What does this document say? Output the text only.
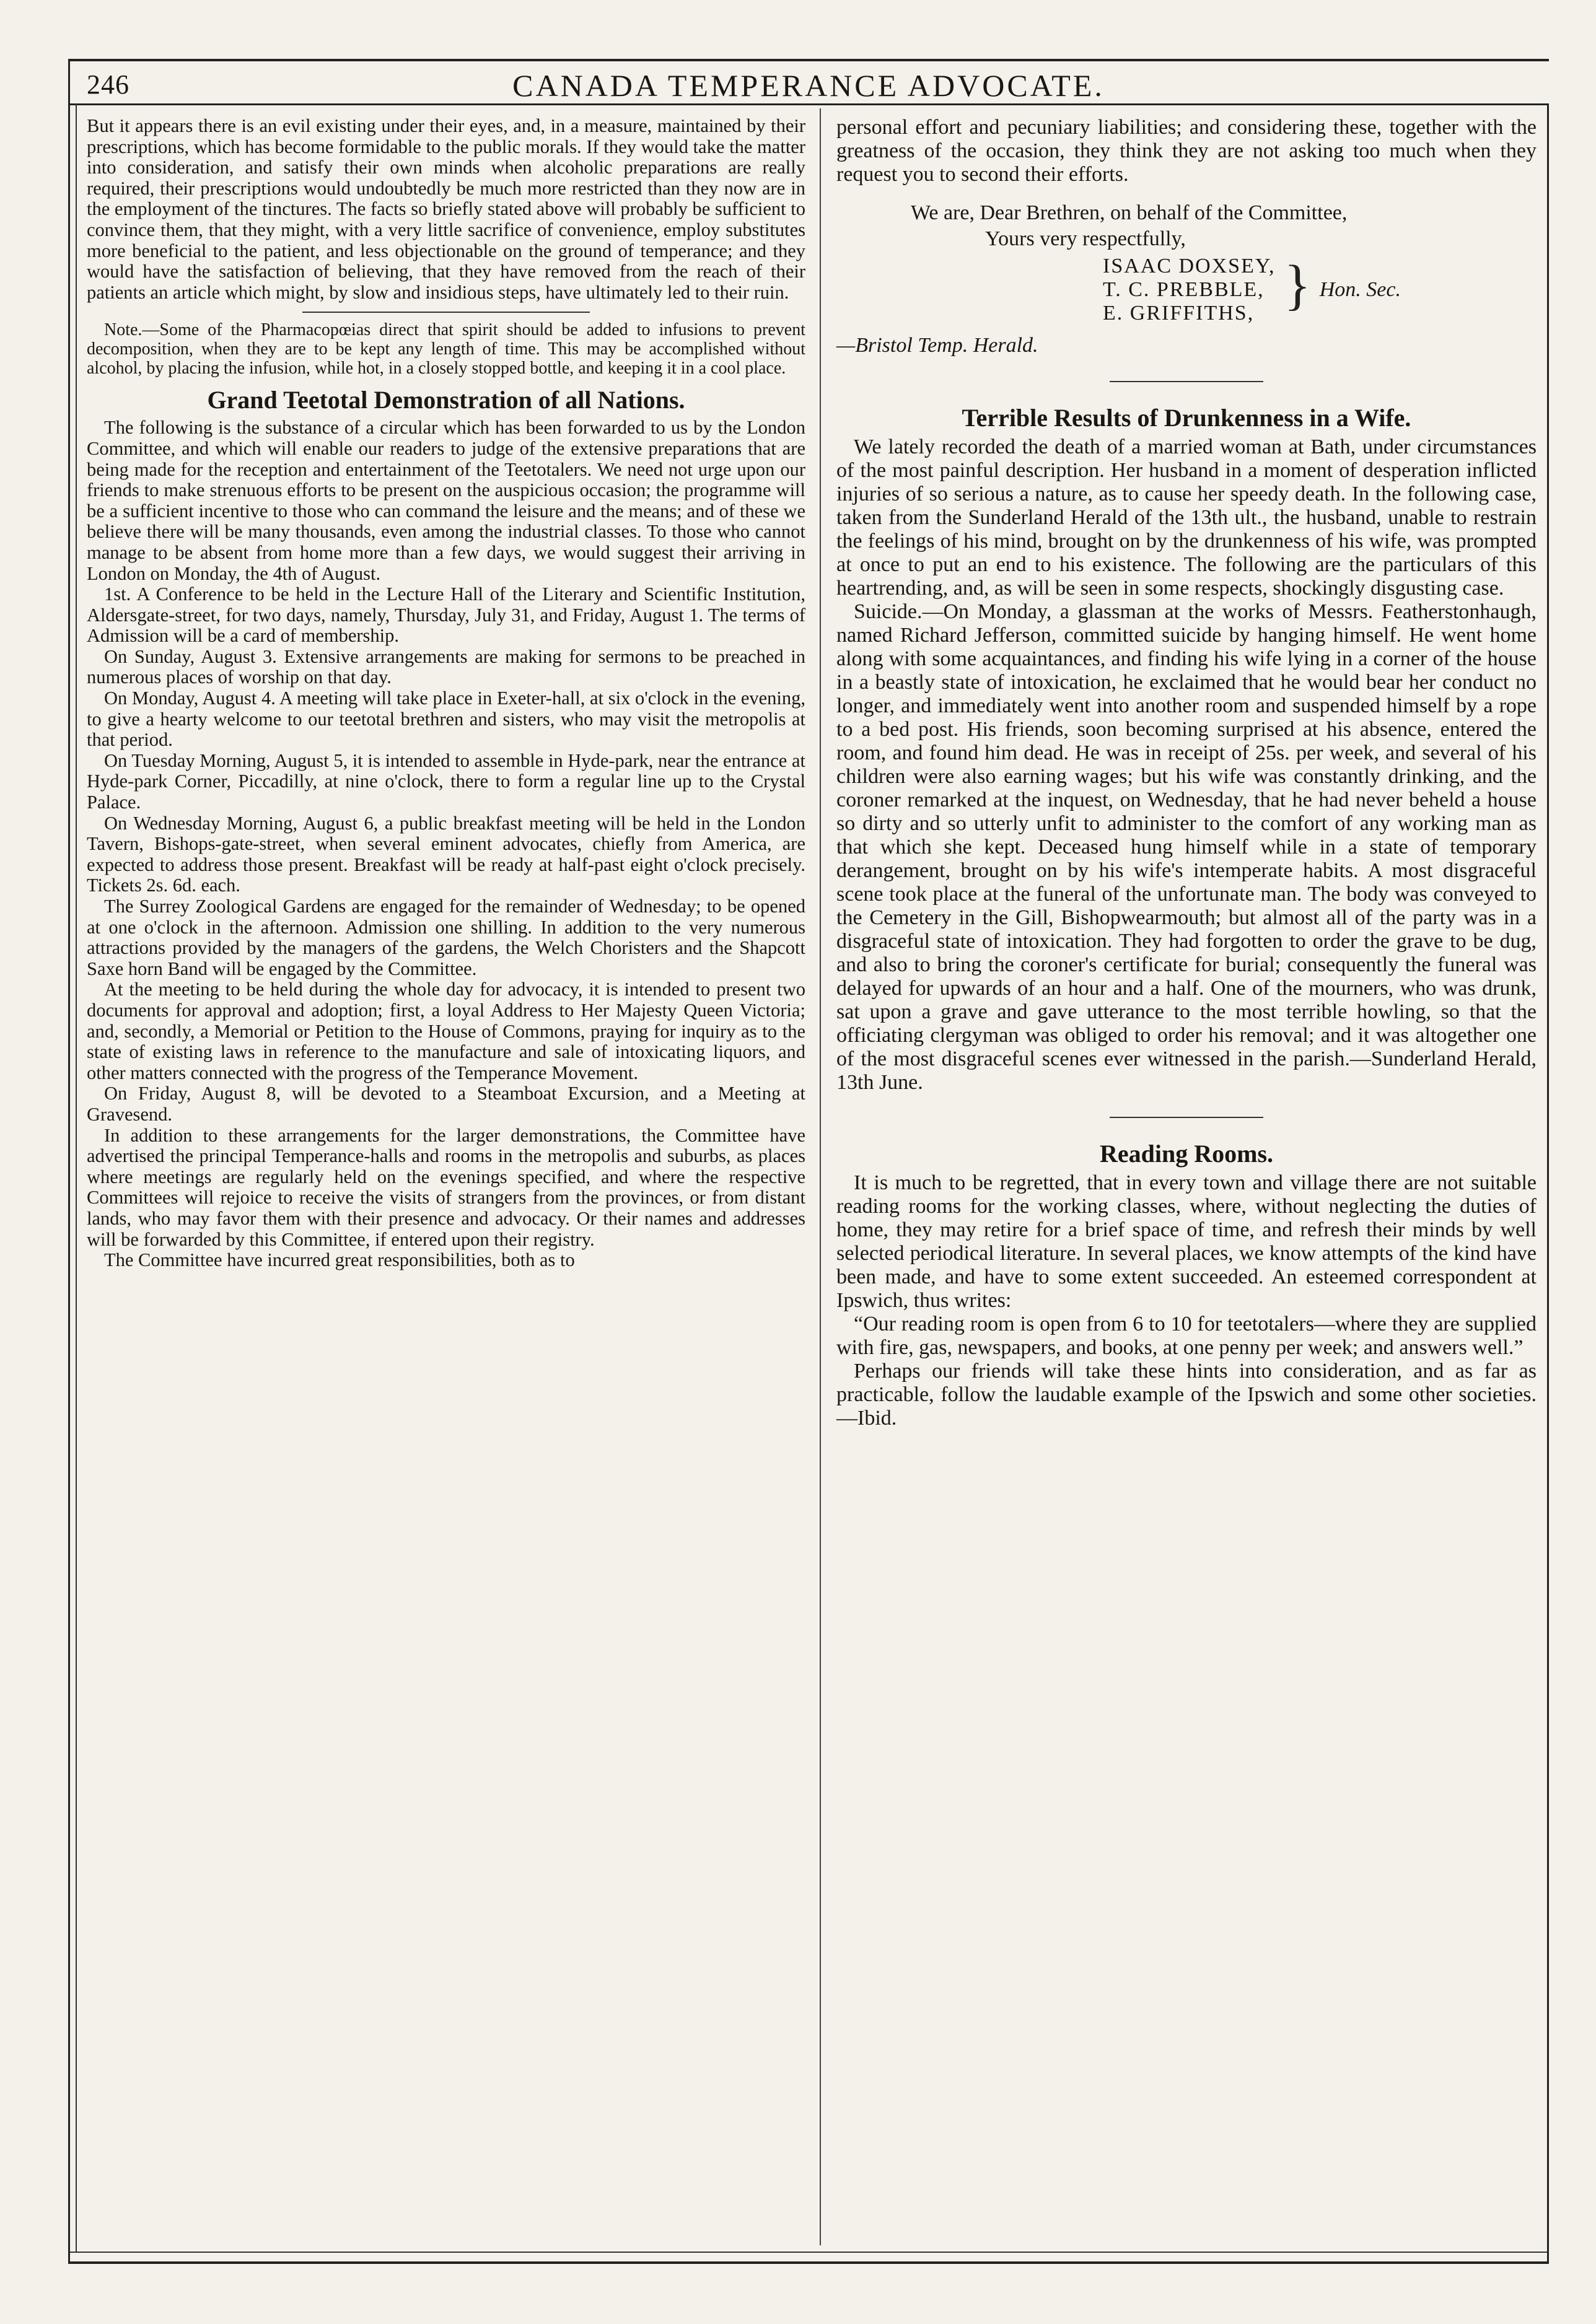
246	CANADA TEMPERANCE ADVOCATE.

But it appears there is an evil existing under their eyes, and, in a measure, maintained by their prescriptions, which has become formidable to the public morals. If they would take the matter into consideration, and satisfy their own minds when alcoholic preparations are really required, their prescriptions would undoubtedly be much more restricted than they now are in the employment of the tinctures. The facts so briefly stated above will probably be sufficient to convince them, that they might, with a very little sacrifice of convenience, employ substitutes more beneficial to the patient, and less objectionable on the ground of temperance; and they would have the satisfaction of believing, that they have removed from the reach of their patients an article which might, by slow and insidious steps, have ultimately led to their ruin.

Note.—Some of the Pharmacopœias direct that spirit should be added to infusions to prevent decomposition, when they are to be kept any length of time. This may be accomplished without alcohol, by placing the infusion, while hot, in a closely stopped bottle, and keeping it in a cool place.

Grand Teetotal Demonstration of all Nations.

The following is the substance of a circular which has been forwarded to us by the London Committee, and which will enable our readers to judge of the extensive preparations that are being made for the reception and entertainment of the Teetotalers. We need not urge upon our friends to make strenuous efforts to be present on the auspicious occasion; the programme will be a sufficient incentive to those who can command the leisure and the means; and of these we believe there will be many thousands, even among the industrial classes. To those who cannot manage to be absent from home more than a few days, we would suggest their arriving in London on Monday, the 4th of August.

1st. A Conference to be held in the Lecture Hall of the Literary and Scientific Institution, Aldersgate-street, for two days, namely, Thursday, July 31, and Friday, August 1. The terms of Admission will be a card of membership.

On Sunday, August 3. Extensive arrangements are making for sermons to be preached in numerous places of worship on that day.

On Monday, August 4. A meeting will take place in Exeter-hall, at six o'clock in the evening, to give a hearty welcome to our teetotal brethren and sisters, who may visit the metropolis at that period.

On Tuesday Morning, August 5, it is intended to assemble in Hyde-park, near the entrance at Hyde-park Corner, Piccadilly, at nine o'clock, there to form a regular line up to the Crystal Palace.

On Wednesday Morning, August 6, a public breakfast meeting will be held in the London Tavern, Bishops-gate-street, when several eminent advocates, chiefly from America, are expected to address those present. Breakfast will be ready at half-past eight o'clock precisely. Tickets 2s. 6d. each.

The Surrey Zoological Gardens are engaged for the remainder of Wednesday; to be opened at one o'clock in the afternoon. Admission one shilling. In addition to the very numerous attractions provided by the managers of the gardens, the Welch Choristers and the Shapcott Saxe horn Band will be engaged by the Committee.

At the meeting to be held during the whole day for advocacy, it is intended to present two documents for approval and adoption; first, a loyal Address to Her Majesty Queen Victoria; and, secondly, a Memorial or Petition to the House of Commons, praying for inquiry as to the state of existing laws in reference to the manufacture and sale of intoxicating liquors, and other matters connected with the progress of the Temperance Movement.

On Friday, August 8, will be devoted to a Steamboat Excursion, and a Meeting at Gravesend.

In addition to these arrangements for the larger demonstrations, the Committee have advertised the principal Temperance-halls and rooms in the metropolis and suburbs, as places where meetings are regularly held on the evenings specified, and where the respective Committees will rejoice to receive the visits of strangers from the provinces, or from distant lands, who may favor them with their presence and advocacy. Or their names and addresses will be forwarded by this Committee, if entered upon their registry.

The Committee have incurred great responsibilities, both as to

personal effort and pecuniary liabilities; and considering these, together with the greatness of the occasion, they think they are not asking too much when they request you to second their efforts.

We are, Dear Brethren, on behalf of the Committee,

Yours very respectfully,

ISAAC DOXSEY,
T. C. PREBBLE,
E. GRIFFITHS, } Hon. Sec.

—Bristol Temp. Herald.

Terrible Results of Drunkenness in a Wife.

We lately recorded the death of a married woman at Bath, under circumstances of the most painful description. Her husband in a moment of desperation inflicted injuries of so serious a nature, as to cause her speedy death. In the following case, taken from the Sunderland Herald of the 13th ult., the husband, unable to restrain the feelings of his mind, brought on by the drunkenness of his wife, was prompted at once to put an end to his existence. The following are the particulars of this heartrending, and, as will be seen in some respects, shockingly disgusting case.

Suicide.—On Monday, a glassman at the works of Messrs. Featherstonhaugh, named Richard Jefferson, committed suicide by hanging himself. He went home along with some acquaintances, and finding his wife lying in a corner of the house in a beastly state of intoxication, he exclaimed that he would bear her conduct no longer, and immediately went into another room and suspended himself by a rope to a bed post. His friends, soon becoming surprised at his absence, entered the room, and found him dead. He was in receipt of 25s. per week, and several of his children were also earning wages; but his wife was constantly drinking, and the coroner remarked at the inquest, on Wednesday, that he had never beheld a house so dirty and so utterly unfit to administer to the comfort of any working man as that which she kept. Deceased hung himself while in a state of temporary derangement, brought on by his wife's intemperate habits. A most disgraceful scene took place at the funeral of the unfortunate man. The body was conveyed to the Cemetery in the Gill, Bishopwearmouth; but almost all of the party was in a disgraceful state of intoxication. They had forgotten to order the grave to be dug, and also to bring the coroner's certificate for burial; consequently the funeral was delayed for upwards of an hour and a half. One of the mourners, who was drunk, sat upon a grave and gave utterance to the most terrible howling, so that the officiating clergyman was obliged to order his removal; and it was altogether one of the most disgraceful scenes ever witnessed in the parish.—Sunderland Herald, 13th June.

Reading Rooms.

It is much to be regretted, that in every town and village there are not suitable reading rooms for the working classes, where, without neglecting the duties of home, they may retire for a brief space of time, and refresh their minds by well selected periodical literature. In several places, we know attempts of the kind have been made, and have to some extent succeeded. An esteemed correspondent at Ipswich, thus writes:

“Our reading room is open from 6 to 10 for teetotalers—where they are supplied with fire, gas, newspapers, and books, at one penny per week; and answers well.”

Perhaps our friends will take these hints into consideration, and as far as practicable, follow the laudable example of the Ipswich and some other societies.—Ibid.
